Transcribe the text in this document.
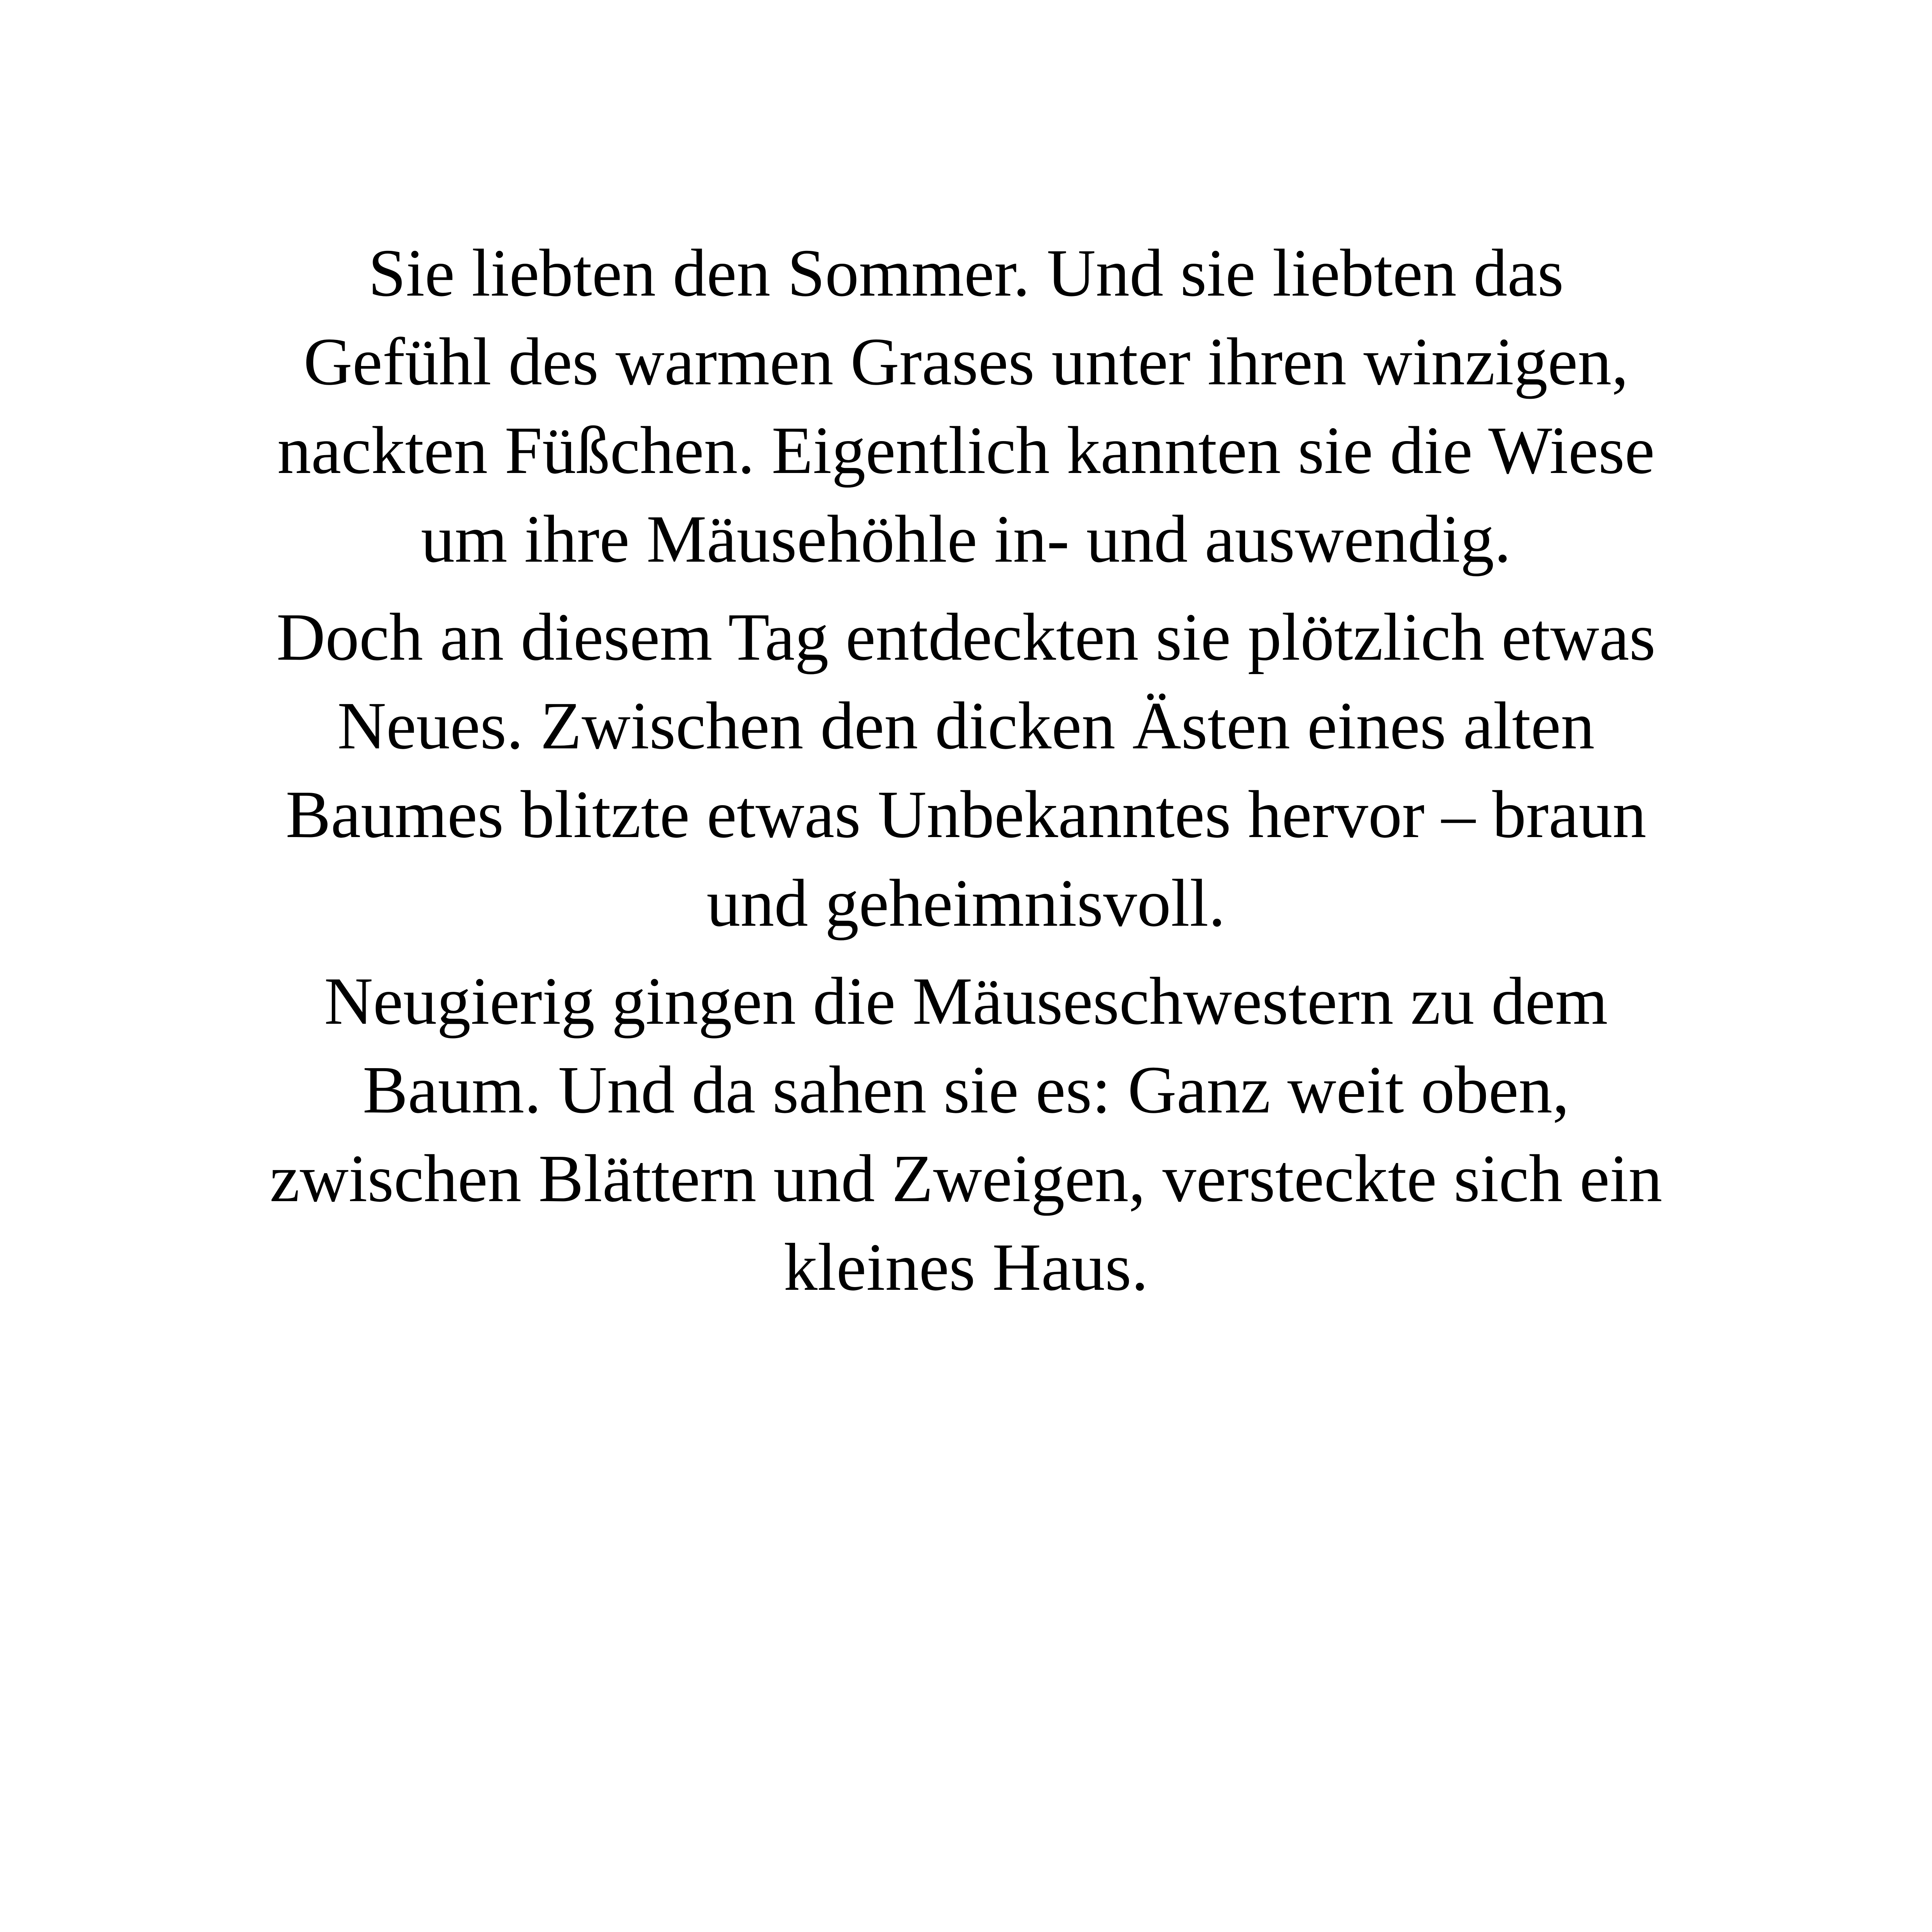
Sie liebten den Sommer. Und sie liebten das
Gefühl des warmen Grases unter ihren winzigen,
nackten Füßchen. Eigentlich kannten sie die Wiese
um ihre Mäusehöhle in- und auswendig.

Doch an diesem Tag entdeckten sie plötzlich etwas
Neues. Zwischen den dicken Ästen eines alten
Baumes blitzte etwas Unbekanntes hervor – braun
und geheimnisvoll.

Neugierig gingen die Mäuseschwestern zu dem
Baum. Und da sahen sie es: Ganz weit oben,
zwischen Blättern und Zweigen, versteckte sich ein
kleines Haus.
